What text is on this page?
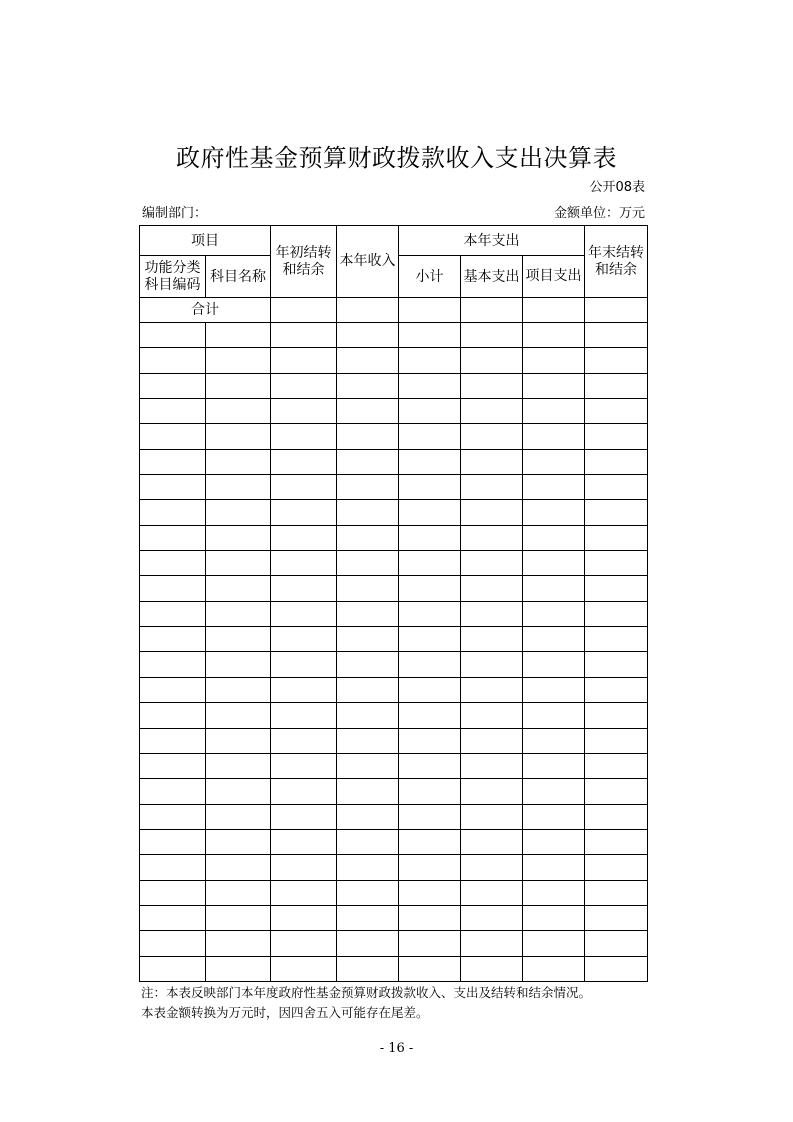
政府性基金预算财政拨款收入支出决算表
公开08表
编制部门：	金额单位：万元
项目		年初结转和结余	本年收入	本年支出			年末结转和结余
功能分类科目编码	科目名称			小计	基本支出	项目支出	
合计							

注：本表反映部门本年度政府性基金预算财政拨款收入、支出及结转和结余情况。
本表金额转换为万元时，因四舍五入可能存在尾差。
- 16 -
